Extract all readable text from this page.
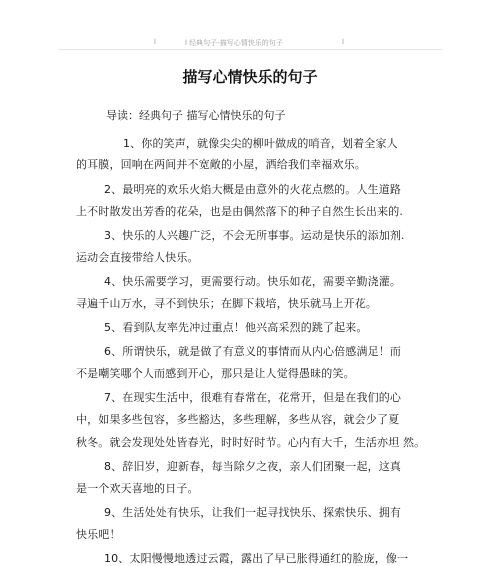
l	l 经典句子-描写心情快乐的句子	l
描写心情快乐的句子
导读：经典句子 描写心情快乐的句子
1、你的笑声，就像尖尖的柳叶做成的哨音，划着全家人
的耳膜，回响在两间并不宽敞的小屋，洒给我们幸福欢乐。
2、最明亮的欢乐火焰大概是由意外的火花点燃的。人生道路
上不时散发出芳香的花朵，也是由偶然落下的种子自然生长出来的.
3、快乐的人兴趣广泛，不会无所事事。运动是快乐的添加剂.
运动会直接带给人快乐。
4、快乐需要学习，更需要行动。快乐如花，需要辛勤浇灌。
寻遍千山万水，寻不到快乐；在脚下栽培，快乐就马上开花。
5、看到队友率先冲过重点！他兴高采烈的跳了起来。
6、所谓快乐，就是做了有意义的事情而从内心倍感满足！而
不是嘲笑哪个人而感到开心，那只是让人觉得愚昧的笑。
7、在现实生活中，很难有春常在，花常开，但是在我们的心
中，如果多些包容，多些豁达，多些理解，多些从容，就会少了夏
秋冬。就会发现处处皆春光，时时好时节。心内有大千，生活亦坦 然。
8、辞旧岁，迎新春，每当除夕之夜，亲人们团聚一起，这真
是一个欢天喜地的日子。
9、生活处处有快乐，让我们一起寻找快乐、探索快乐、拥有
快乐吧！
10、太阳慢慢地透过云霞，露出了早已胀得通红的脸庞，像一
